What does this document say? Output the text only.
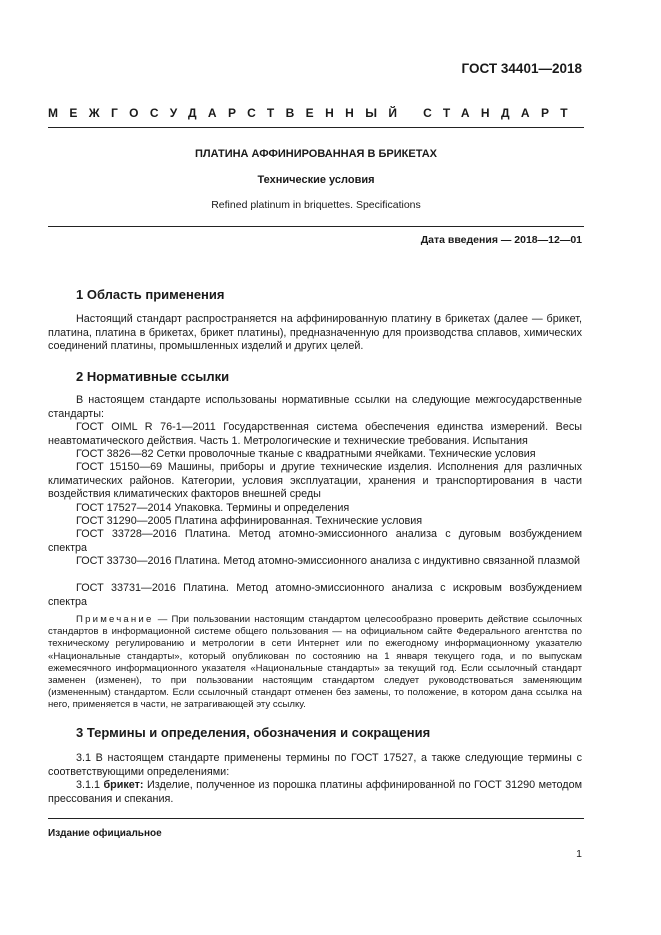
ГОСТ 34401—2018
МЕЖГОСУДАРСТВЕННЫЙ СТАНДАРТ
ПЛАТИНА АФФИНИРОВАННАЯ В БРИКЕТАХ
Технические условия
Refined platinum in briquettes. Specifications
Дата введения — 2018—12—01
1 Область применения
Настоящий стандарт распространяется на аффинированную платину в брикетах (далее — брикет, платина, платина в брикетах, брикет платины), предназначенную для производства сплавов, химических соединений платины, промышленных изделий и других целей.
2 Нормативные ссылки
В настоящем стандарте использованы нормативные ссылки на следующие межгосударственные стандарты:
ГОСТ OIML R 76-1—2011 Государственная система обеспечения единства измерений. Весы неавтоматического действия. Часть 1. Метрологические и технические требования. Испытания
ГОСТ 3826—82 Сетки проволочные тканые с квадратными ячейками. Технические условия
ГОСТ 15150—69 Машины, приборы и другие технические изделия. Исполнения для различных климатических районов. Категории, условия эксплуатации, хранения и транспортирования в части воздействия климатических факторов внешней среды
ГОСТ 17527—2014 Упаковка. Термины и определения
ГОСТ 31290—2005 Платина аффинированная. Технические условия
ГОСТ 33728—2016 Платина. Метод атомно-эмиссионного анализа с дуговым возбуждением спектра
ГОСТ 33730—2016 Платина. Метод атомно-эмиссионного анализа с индуктивно связанной плазмой
ГОСТ 33731—2016 Платина. Метод атомно-эмиссионного анализа с искровым возбуждением спектра
Примечание — При пользовании настоящим стандартом целесообразно проверить действие ссылочных стандартов в информационной системе общего пользования — на официальном сайте Федерального агентства по техническому регулированию и метрологии в сети Интернет или по ежегодному информационному указателю «Национальные стандарты», который опубликован по состоянию на 1 января текущего года, и по выпускам ежемесячного информационного указателя «Национальные стандарты» за текущий год. Если ссылочный стандарт заменен (изменен), то при пользовании настоящим стандартом следует руководствоваться заменяющим (измененным) стандартом. Если ссылочный стандарт отменен без замены, то положение, в котором дана ссылка на него, применяется в части, не затрагивающей эту ссылку.
3 Термины и определения, обозначения и сокращения
3.1 В настоящем стандарте применены термины по ГОСТ 17527, а также следующие термины с соответствующими определениями:
3.1.1 брикет: Изделие, полученное из порошка платины аффинированной по ГОСТ 31290 методом прессования и спекания.
Издание официальное
1
